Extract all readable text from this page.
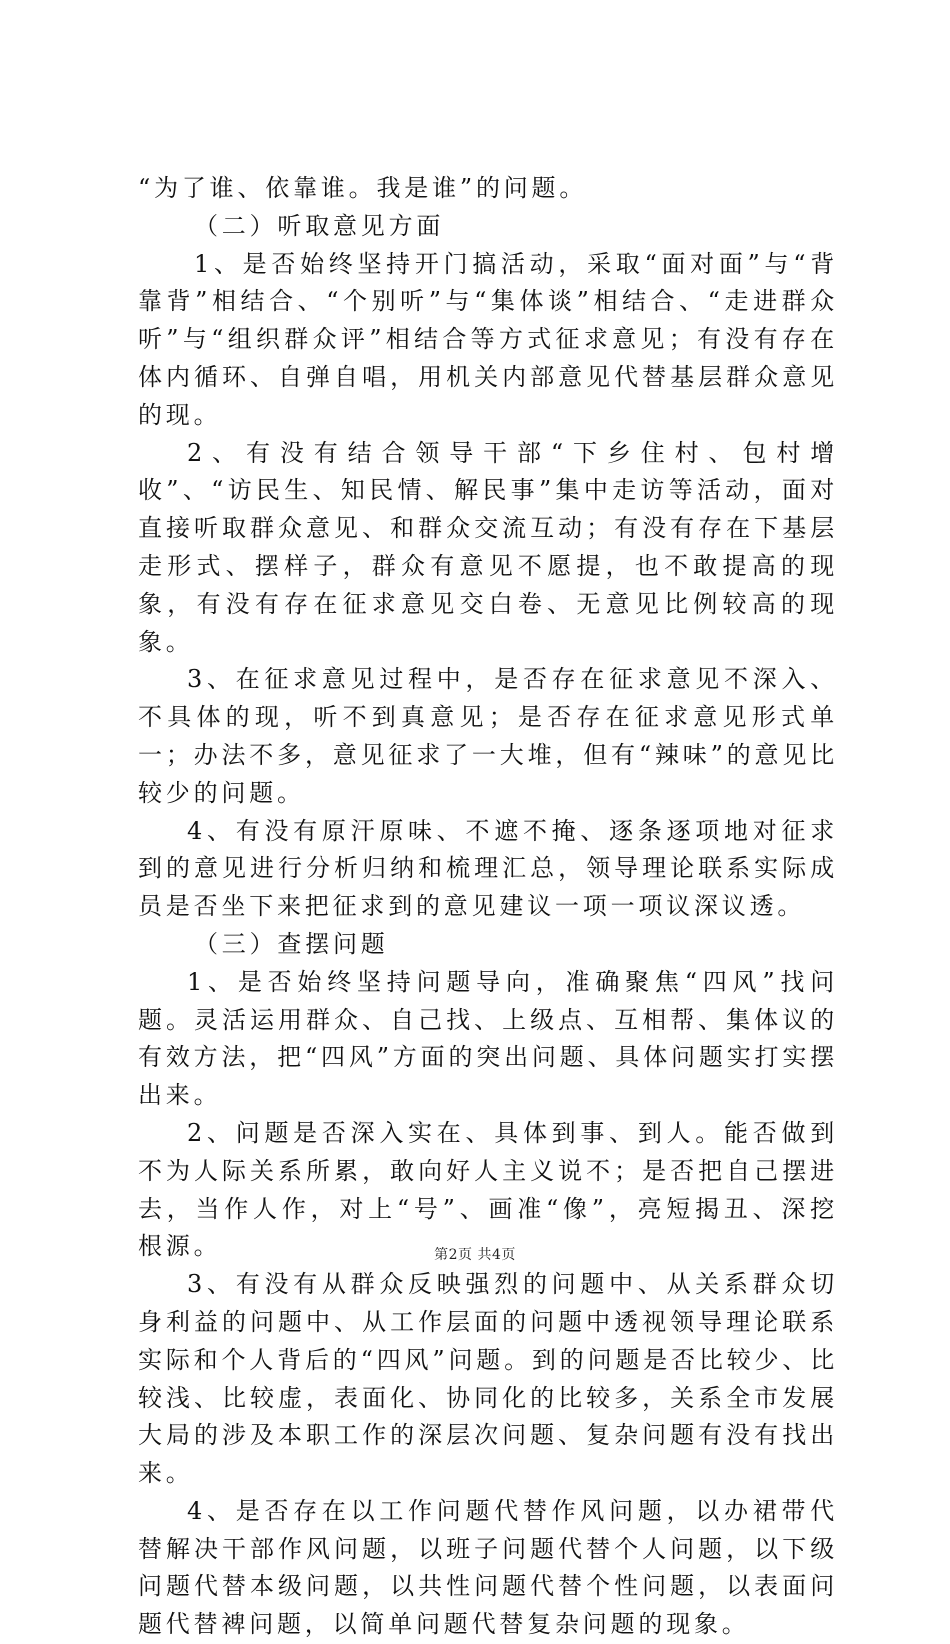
“为了谁、依靠谁。我是谁”的问题。

（二）听取意见方面

1、是否始终坚持开门搞活动，采取“面对面”与“背靠背”相结合、“个别听”与“集体谈”相结合、“走进群众听”与“组织群众评”相结合等方式征求意见；有没有存在体内循环、自弹自唱，用机关内部意见代替基层群众意见的现。

2、有没有结合领导干部“下乡住村、包村增收”、“访民生、知民情、解民事”集中走访等活动，面对直接听取群众意见、和群众交流互动；有没有存在下基层走形式、摆样子，群众有意见不愿提，也不敢提高的现象，有没有存在征求意见交白卷、无意见比例较高的现象。

3、在征求意见过程中，是否存在征求意见不深入、不具体的现，听不到真意见；是否存在征求意见形式单一；办法不多，意见征求了一大堆，但有“辣味”的意见比较少的问题。

4、有没有原汗原味、不遮不掩、逐条逐项地对征求到的意见进行分析归纳和梳理汇总，领导理论联系实际成员是否坐下来把征求到的意见建议一项一项议深议透。

（三）查摆问题

1、是否始终坚持问题导向，准确聚焦“四风”找问题。灵活运用群众、自己找、上级点、互相帮、集体议的有效方法，把“四风”方面的突出问题、具体问题实打实摆出来。

2、问题是否深入实在、具体到事、到人。能否做到不为人际关系所累，敢向好人主义说不；是否把自己摆进去，当作人作，对上“号”、画准“像”，亮短揭丑、深挖根源。

3、有没有从群众反映强烈的问题中、从关系群众切身利益的问题中、从工作层面的问题中透视领导理论联系实际和个人背后的“四风”问题。到的问题是否比较少、比较浅、比较虚，表面化、协同化的比较多，关系全市发展大局的涉及本职工作的深层次问题、复杂问题有没有找出来。

4、是否存在以工作问题代替作风问题，以办裙带代替解决干部作风问题，以班子问题代替个人问题，以下级问题代替本级问题，以共性问题代替个性问题，以表面问题代替裨问题，以简单问题代替复杂问题的现象。

第2页 共4页
